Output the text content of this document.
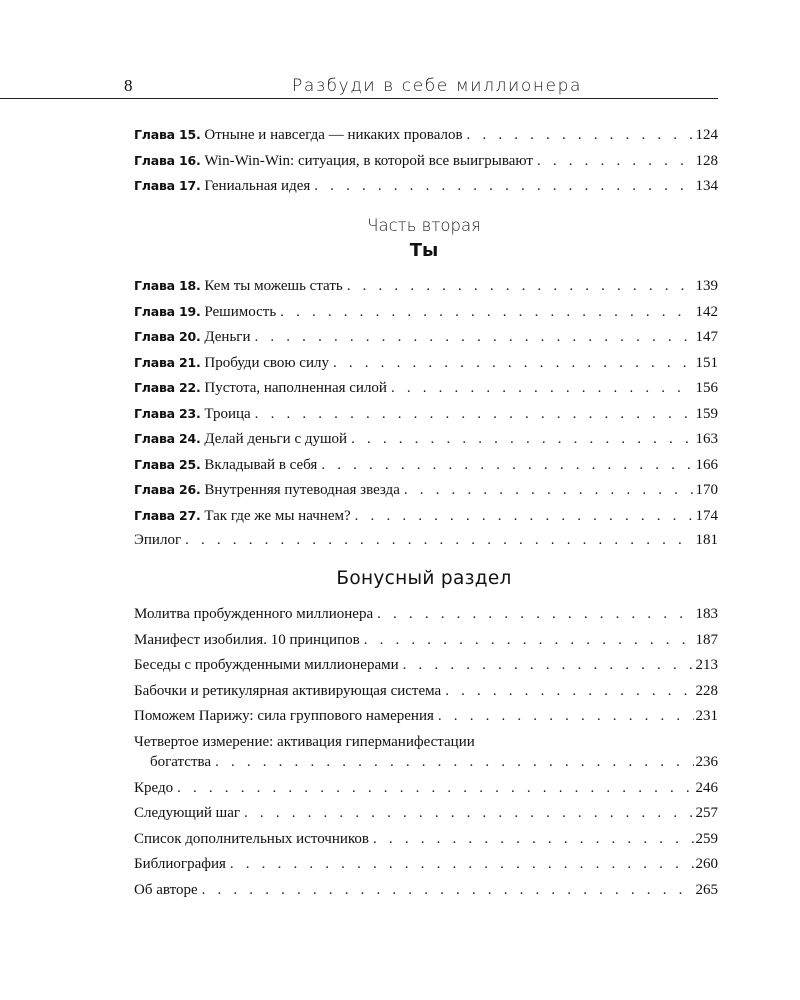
8	Разбуди в себе миллионера
Глава 15. Отныне и навсегда — никаких провалов . . .	124
Глава 16. Win-Win-Win: ситуация, в которой все выигрывают . . .	128
Глава 17. Гениальная идея . . .	134
Часть вторая
Ты
Глава 18. Кем ты можешь стать . . .	139
Глава 19. Решимость . . .	142
Глава 20. Деньги . . .	147
Глава 21. Пробуди свою силу . . .	151
Глава 22. Пустота, наполненная силой . . .	156
Глава 23. Троица . . .	159
Глава 24. Делай деньги с душой . . .	163
Глава 25. Вкладывай в себя . . .	166
Глава 26. Внутренняя путеводная звезда . . .	170
Глава 27. Так где же мы начнем? . . .	174
Эпилог . . .	181
Бонусный раздел
Молитва пробужденного миллионера . . .	183
Манифест изобилия. 10 принципов . . .	187
Беседы с пробужденными миллионерами . . .	213
Бабочки и ретикулярная активирующая система . . .	228
Поможем Парижу: сила группового намерения . . .	231
Четвертое измерение: активация гиперманифестации
богатства . . .	236
Кредо . . .	246
Следующий шаг . . .	257
Список дополнительных источников . . .	259
Библиография . . .	260
Об авторе . . .	265
